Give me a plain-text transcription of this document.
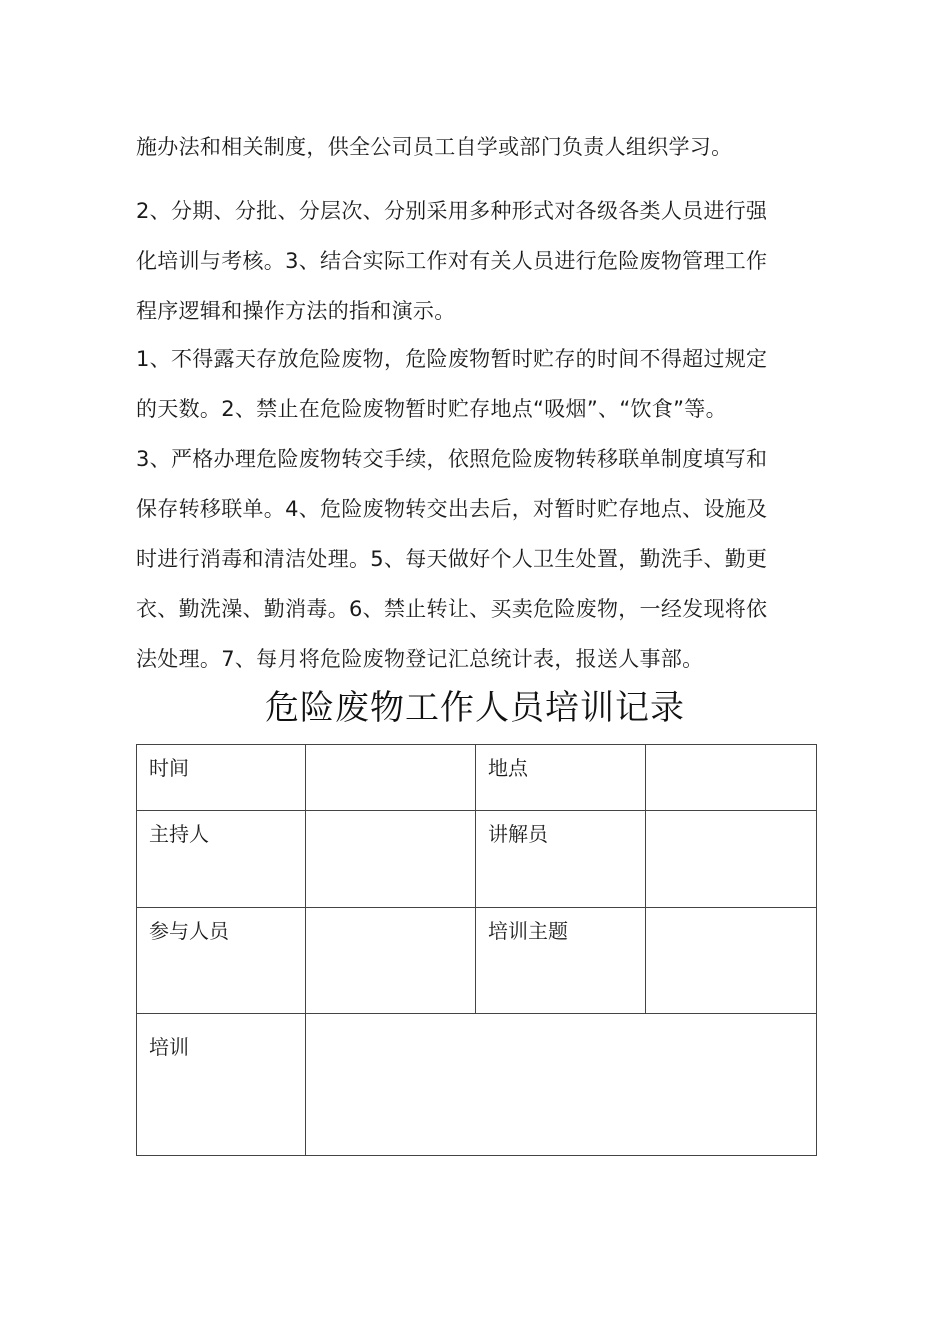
施办法和相关制度，供全公司员工自学或部门负责人组织学习。

2、分期、分批、分层次、分别采用多种形式对各级各类人员进行强
化培训与考核。3、结合实际工作对有关人员进行危险废物管理工作
程序逻辑和操作方法的指和演示。

1、不得露天存放危险废物，危险废物暂时贮存的时间不得超过规定
的天数。2、禁止在危险废物暂时贮存地点“吸烟”、“饮食”等。
3、严格办理危险废物转交手续，依照危险废物转移联单制度填写和
保存转移联单。4、危险废物转交出去后，对暂时贮存地点、设施及
时进行消毒和清洁处理。5、每天做好个人卫生处置，勤洗手、勤更
衣、勤洗澡、勤消毒。6、禁止转让、买卖危险废物，一经发现将依
法处理。7、每月将危险废物登记汇总统计表，报送人事部。

危险废物工作人员培训记录
时间		地点	
主持人		讲解员	
参与人员		培训主题	
培训			
